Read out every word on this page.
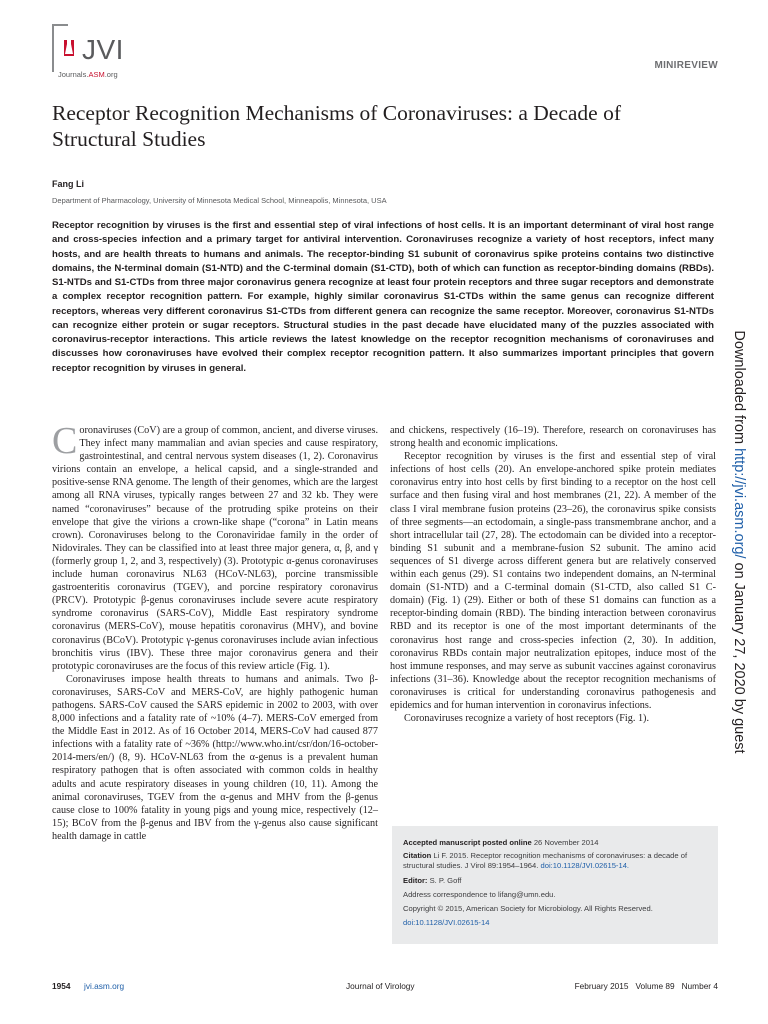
JVI
Journals.ASM.org
MINIREVIEW
Receptor Recognition Mechanisms of Coronaviruses: a Decade of Structural Studies

Fang Li

Department of Pharmacology, University of Minnesota Medical School, Minneapolis, Minnesota, USA

Receptor recognition by viruses is the first and essential step of viral infections of host cells. It is an important determinant of viral host range and cross-species infection and a primary target for antiviral intervention. Coronaviruses recognize a variety of host receptors, infect many hosts, and are health threats to humans and animals. The receptor-binding S1 subunit of coronavirus spike proteins contains two distinctive domains, the N-terminal domain (S1-NTD) and the C-terminal domain (S1-CTD), both of which can function as receptor-binding domains (RBDs). S1-NTDs and S1-CTDs from three major coronavirus genera recognize at least four protein receptors and three sugar receptors and demonstrate a complex receptor recognition pattern. For example, highly similar coronavirus S1-CTDs within the same genus can recognize different receptors, whereas very different coronavirus S1-CTDs from different genera can recognize the same receptor. Moreover, coronavirus S1-NTDs can recognize either protein or sugar receptors. Structural studies in the past decade have elucidated many of the puzzles associated with coronavirus-receptor interactions. This article reviews the latest knowledge on the receptor recognition mechanisms of coronaviruses and discusses how coronaviruses have evolved their complex receptor recognition pattern. It also summarizes important principles that govern receptor recognition by viruses in general.

Coronaviruses (CoV) are a group of common, ancient, and diverse viruses. They infect many mammalian and avian species and cause respiratory, gastrointestinal, and central nervous system diseases (1, 2). Coronavirus virions contain an envelope, a helical capsid, and a single-stranded and positive-sense RNA genome. The length of their genomes, which are the largest among all RNA viruses, typically ranges between 27 and 32 kb. They were named “coronaviruses” because of the protruding spike proteins on their envelope that give the virions a crown-like shape (“corona” in Latin means crown). Coronaviruses belong to the Coronaviridae family in the order of Nidovirales. They can be classified into at least three major genera, α, β, and γ (formerly group 1, 2, and 3, respectively) (3). Prototypic α-genus coronaviruses include human coronavirus NL63 (HCoV-NL63), porcine transmissible gastroenteritis coronavirus (TGEV), and porcine respiratory coronavirus (PRCV). Prototypic β-genus coronaviruses include severe acute respiratory syndrome coronavirus (SARS-CoV), Middle East respiratory syndrome coronavirus (MERS-CoV), mouse hepatitis coronavirus (MHV), and bovine coronavirus (BCoV). Prototypic γ-genus coronaviruses include avian infectious bronchitis virus (IBV). These three major coronavirus genera and their prototypic coronaviruses are the focus of this review article (Fig. 1).

Coronaviruses impose health threats to humans and animals. Two β-coronaviruses, SARS-CoV and MERS-CoV, are highly pathogenic human pathogens. SARS-CoV caused the SARS epidemic in 2002 to 2003, with over 8,000 infections and a fatality rate of ~10% (4–7). MERS-CoV emerged from the Middle East in 2012. As of 16 October 2014, MERS-CoV had caused 877 infections with a fatality rate of ~36% (http://www.who.int/csr/don/16-october-2014-mers/en/) (8, 9). HCoV-NL63 from the α-genus is a prevalent human respiratory pathogen that is often associated with common colds in healthy adults and acute respiratory diseases in young children (10, 11). Among the animal coronaviruses, TGEV from the α-genus and MHV from the β-genus cause close to 100% fatality in young pigs and young mice, respectively (12–15); BCoV from the β-genus and IBV from the γ-genus also cause significant health damage in cattle

and chickens, respectively (16–19). Therefore, research on coronaviruses has strong health and economic implications.

Receptor recognition by viruses is the first and essential step of viral infections of host cells (20). An envelope-anchored spike protein mediates coronavirus entry into host cells by first binding to a receptor on the host cell surface and then fusing viral and host membranes (21, 22). A member of the class I viral membrane fusion proteins (23–26), the coronavirus spike consists of three segments—an ectodomain, a single-pass transmembrane anchor, and a short intracellular tail (27, 28). The ectodomain can be divided into a receptor-binding S1 subunit and a membrane-fusion S2 subunit. The amino acid sequences of S1 diverge across different genera but are relatively conserved within each genus (29). S1 contains two independent domains, an N-terminal domain (S1-NTD) and a C-terminal domain (S1-CTD, also called S1 C-domain) (Fig. 1) (29). Either or both of these S1 domains can function as a receptor-binding domain (RBD). The binding interaction between coronavirus RBD and its receptor is one of the most important determinants of the coronavirus host range and cross-species infection (2, 30). In addition, coronavirus RBDs contain major neutralization epitopes, induce most of the host immune responses, and may serve as subunit vaccines against coronavirus infections (31–36). Knowledge about the receptor recognition mechanisms of coronaviruses is critical for understanding coronavirus pathogenesis and epidemics and for human intervention in coronavirus infections.

Coronaviruses recognize a variety of host receptors (Fig. 1).

Downloaded from http://jvi.asm.org/ on January 27, 2020 by guest
Accepted manuscript posted online 26 November 2014
Citation Li F. 2015. Receptor recognition mechanisms of coronaviruses: a decade of structural studies. J Virol 89:1954–1964. doi:10.1128/JVI.02615-14.
Editor: S. P. Goff
Address correspondence to lifang@umn.edu.
Copyright © 2015, American Society for Microbiology. All Rights Reserved.
doi:10.1128/JVI.02615-14
1954 jvi.asm.org	Journal of Virology	February 2015   Volume 89   Number 4
